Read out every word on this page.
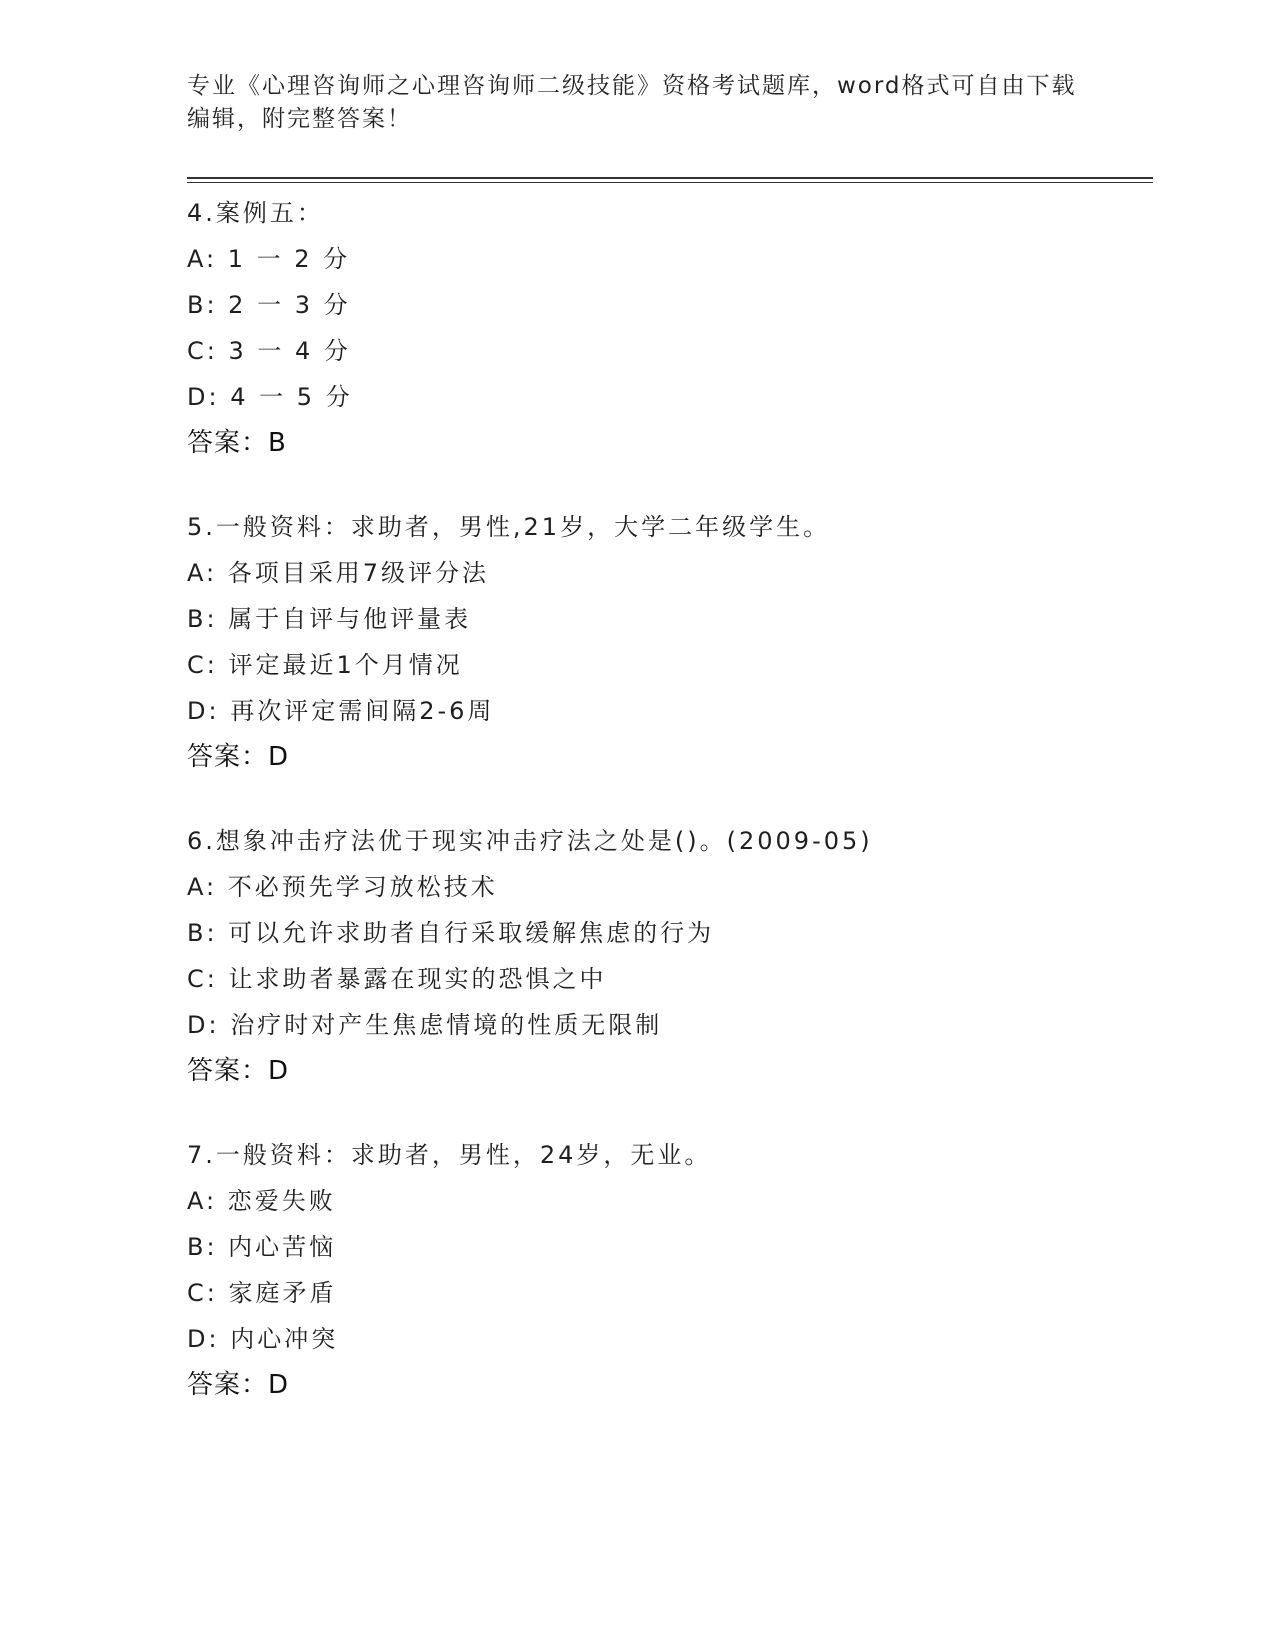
专业《心理咨询师之心理咨询师二级技能》资格考试题库，word格式可自由下载
编辑，附完整答案！
4.案例五：
A: 1 一 2 分
B: 2 一 3 分
C: 3 一 4 分
D: 4 一 5 分
答案：B
5.一般资料：求助者，男性,21岁，大学二年级学生。
A: 各项目采用7级评分法
B: 属于自评与他评量表
C: 评定最近1个月情况
D: 再次评定需间隔2-6周
答案：D
6.想象冲击疗法优于现实冲击疗法之处是()。(2009-05)
A: 不必预先学习放松技术
B: 可以允许求助者自行采取缓解焦虑的行为
C: 让求助者暴露在现实的恐惧之中
D: 治疗时对产生焦虑情境的性质无限制
答案：D
7.一般资料：求助者，男性，24岁，无业。
A: 恋爱失败
B: 内心苦恼
C: 家庭矛盾
D: 内心冲突
答案：D
